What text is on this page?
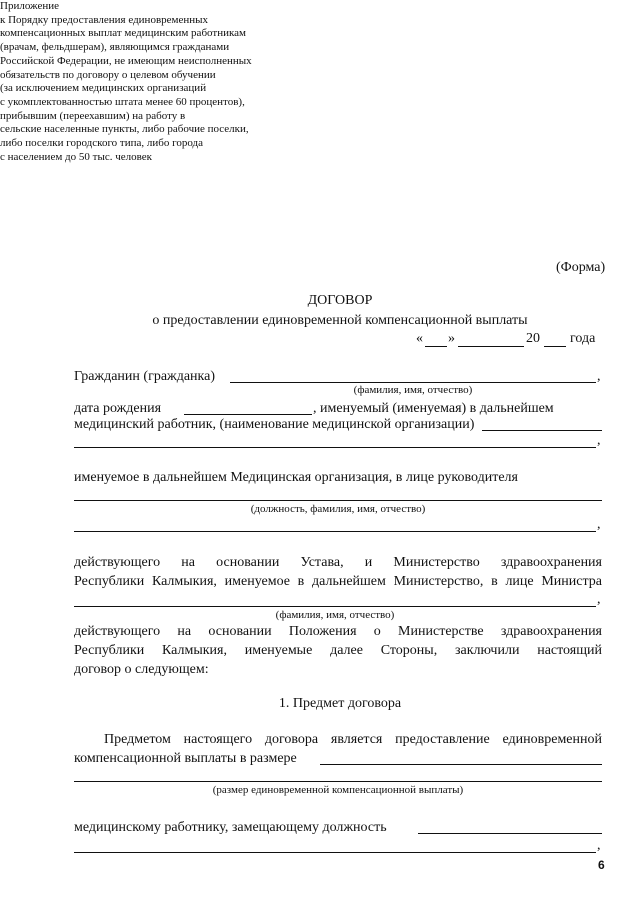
Приложение
к Порядку предоставления единовременных
компенсационных выплат медицинским работникам
(врачам, фельдшерам), являющимся гражданами
Российской Федерации, не имеющим неисполненных
обязательств по договору о целевом обучении
(за исключением медицинских организаций
с укомплектованностью штата менее 60 процентов),
прибывшим (переехавшим) на работу в
сельские населенные пункты, либо рабочие поселки,
либо поселки городского типа, либо города
с населением до 50 тыс. человек
(Форма)
ДОГОВОР
о предоставлении единовременной компенсационной выплаты
« »	20 года
Гражданин (гражданка)	,
(фамилия, имя, отчество)
дата рождения	, именуемый (именуемая) в дальнейшем
медицинский работник, (наименование медицинской организации)
,
именуемое в дальнейшем Медицинская организация, в лице руководителя
(должность, фамилия, имя, отчество)
,
действующего на основании Устава, и Министерство здравоохранения
Республики Калмыкия, именуемое в дальнейшем Министерство, в лице Министра
,
(фамилия, имя, отчество)
действующего на основании Положения о Министерстве здравоохранения
Республики Калмыкия, именуемые далее Стороны, заключили настоящий
договор о следующем:
1. Предмет договора
Предметом настоящего договора является предоставление единовременной
компенсационной выплаты в размере
(размер единовременной компенсационной выплаты)
медицинскому работнику, замещающему должность
,
6
